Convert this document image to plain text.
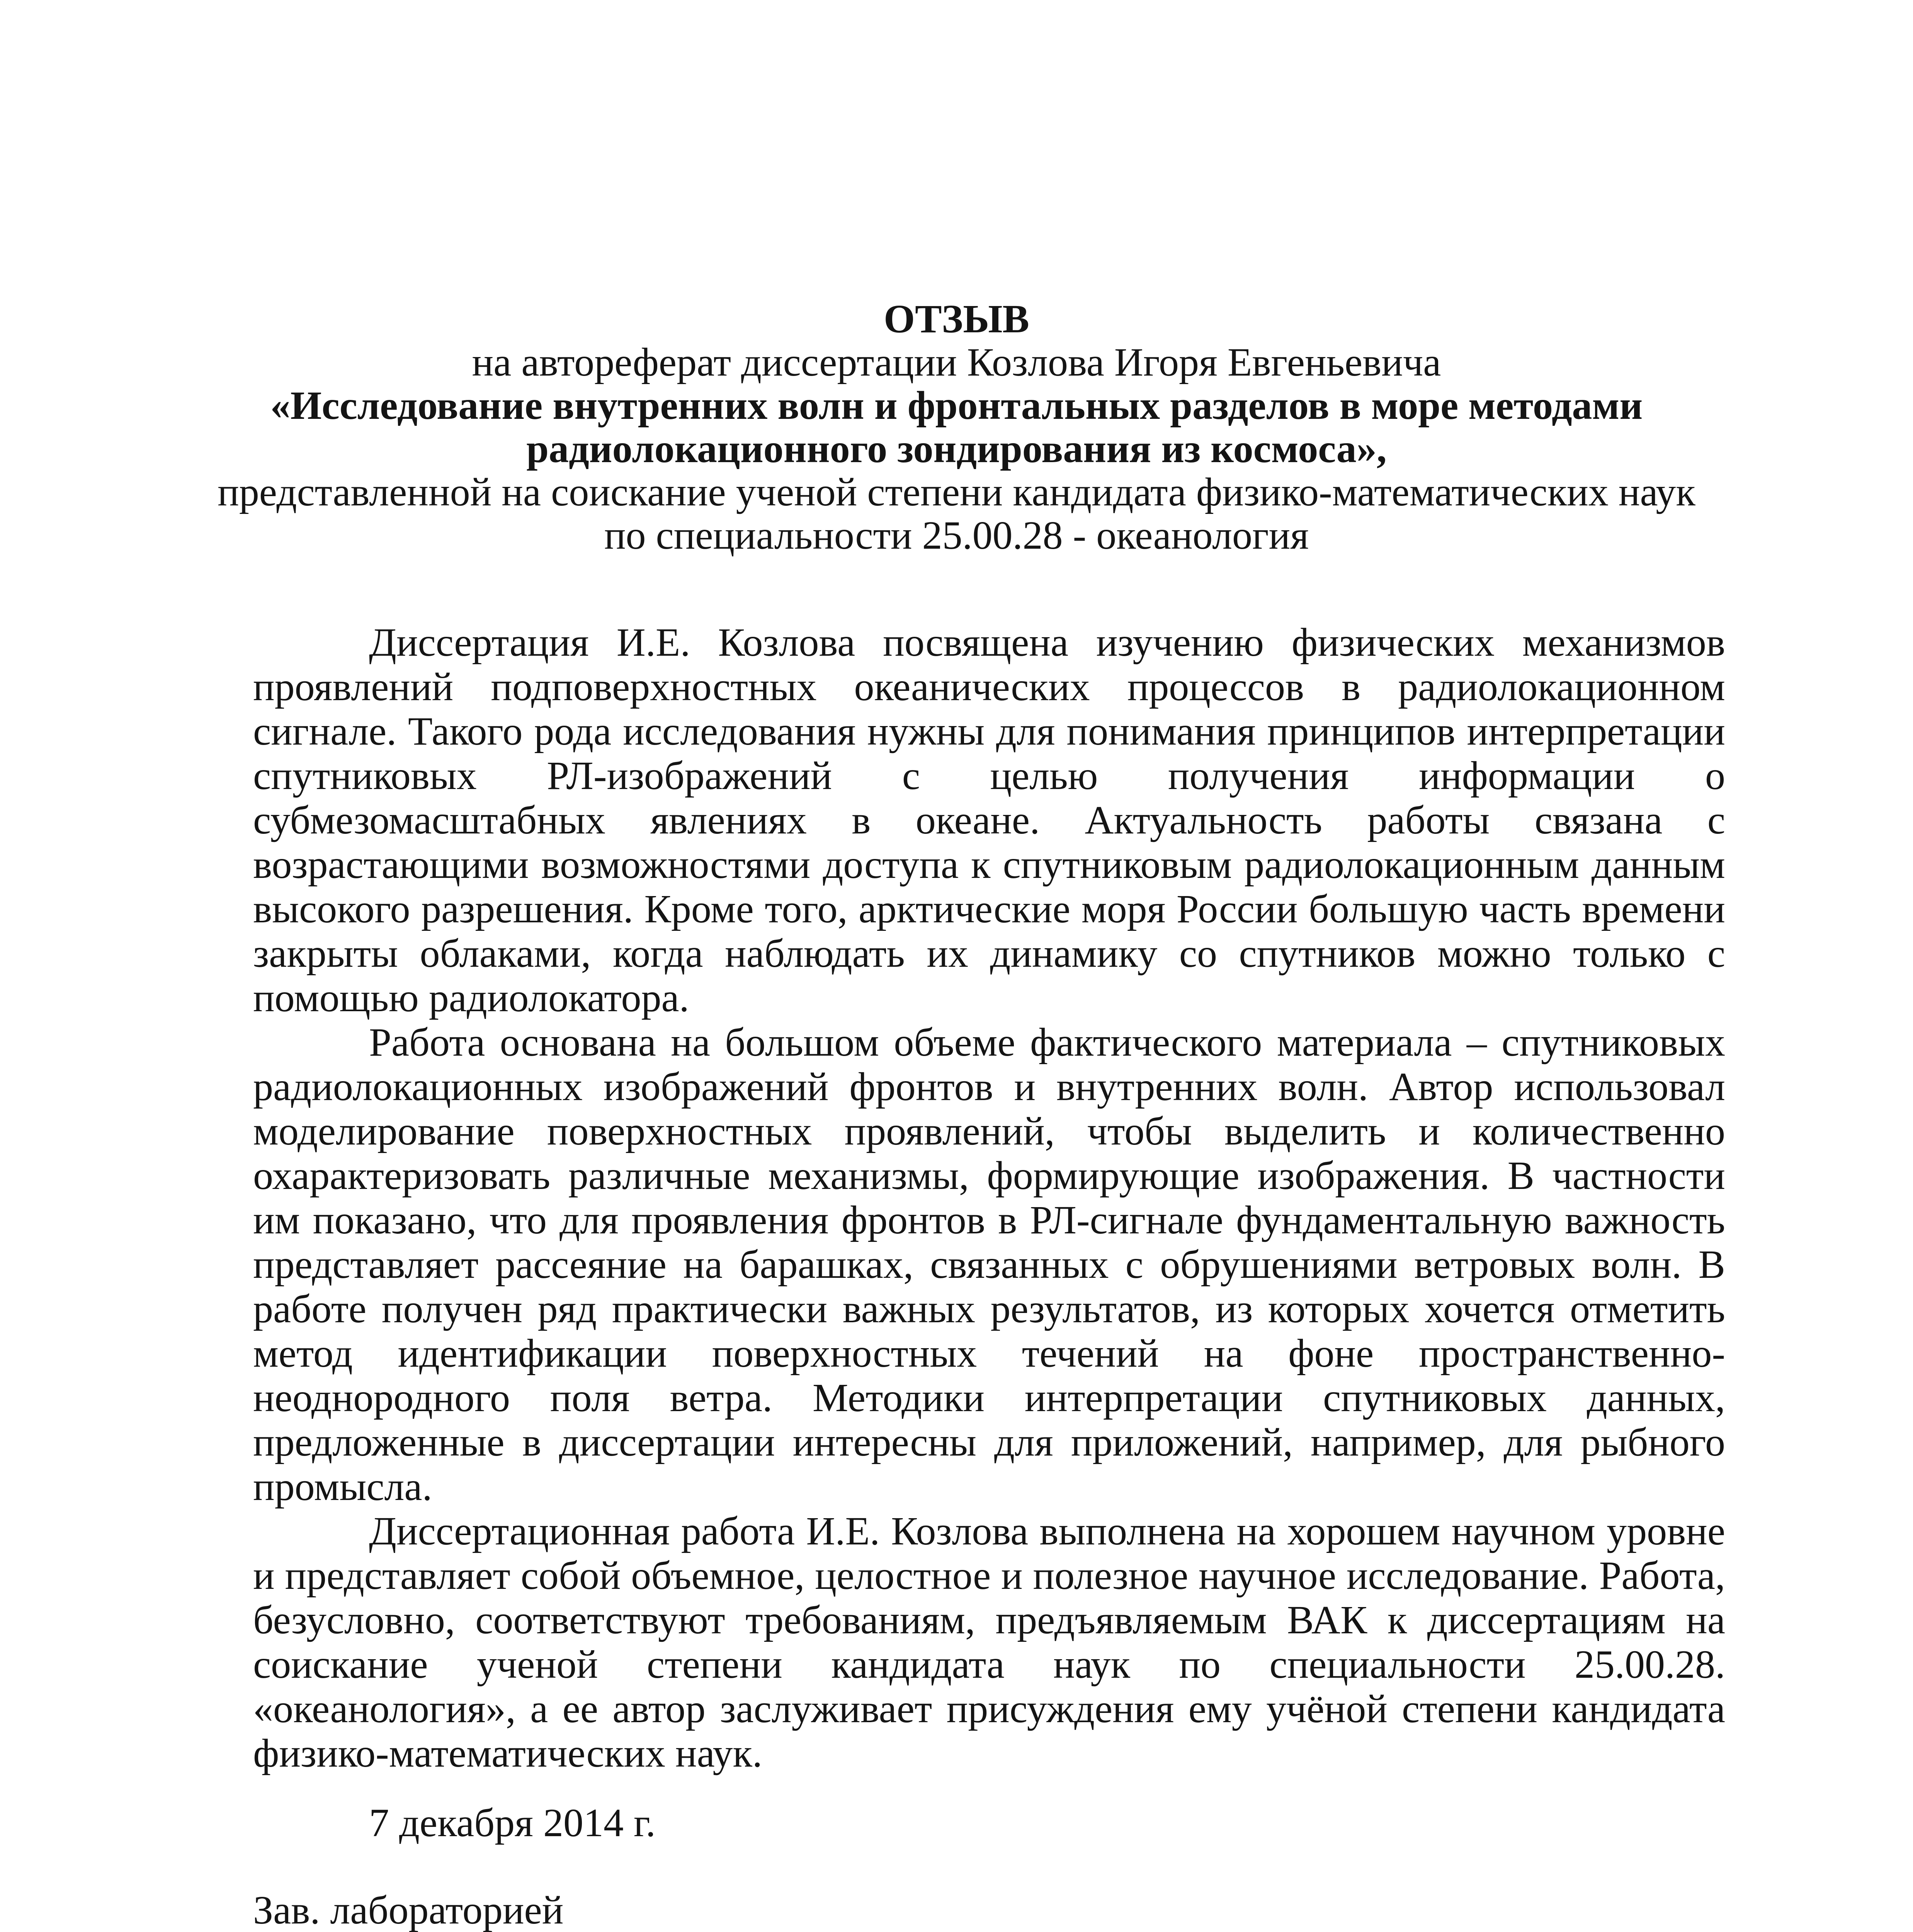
ОТЗЫВ
на автореферат диссертации Козлова Игоря Евгеньевича
«Исследование внутренних волн и фронтальных разделов в море методами
радиолокационного зондирования из космоса»,
представленной на соискание ученой степени кандидата физико-математических наук
по специальности 25.00.28 - океанология

Диссертация И.Е. Козлова посвящена изучению физических механизмов проявлений подповерхностных океанических процессов в радиолокационном сигнале. Такого рода исследования нужны для понимания принципов интерпретации спутниковых РЛ-изображений с целью получения информации о субмезомасштабных явлениях в океане. Актуальность работы связана с возрастающими возможностями доступа к спутниковым радиолокационным данным высокого разрешения. Кроме того, арктические моря России большую часть времени закрыты облаками, когда наблюдать их динамику со спутников можно только с помощью радиолокатора.

Работа основана на большом объеме фактического материала – спутниковых радиолокационных изображений фронтов и внутренних волн. Автор использовал моделирование поверхностных проявлений, чтобы выделить и количественно охарактеризовать различные механизмы, формирующие изображения. В частности им показано, что для проявления фронтов в РЛ-сигнале фундаментальную важность представляет рассеяние на барашках, связанных с обрушениями ветровых волн. В работе получен ряд практически важных результатов, из которых хочется отметить метод идентификации поверхностных течений на фоне пространственно-неоднородного поля ветра. Методики интерпретации спутниковых данных, предложенные в диссертации интересны для приложений, например, для рыбного промысла.

Диссертационная работа И.Е. Козлова выполнена на хорошем научном уровне и представляет собой объемное, целостное и полезное научное исследование. Работа, безусловно, соответствуют требованиям, предъявляемым ВАК к диссертациям на соискание ученой степени кандидата наук по специальности 25.00.28. «океанология», а ее автор заслуживает присуждения ему учёной степени кандидата физико-математических наук.

7 декабря 2014 г.
Зав. лабораторией
